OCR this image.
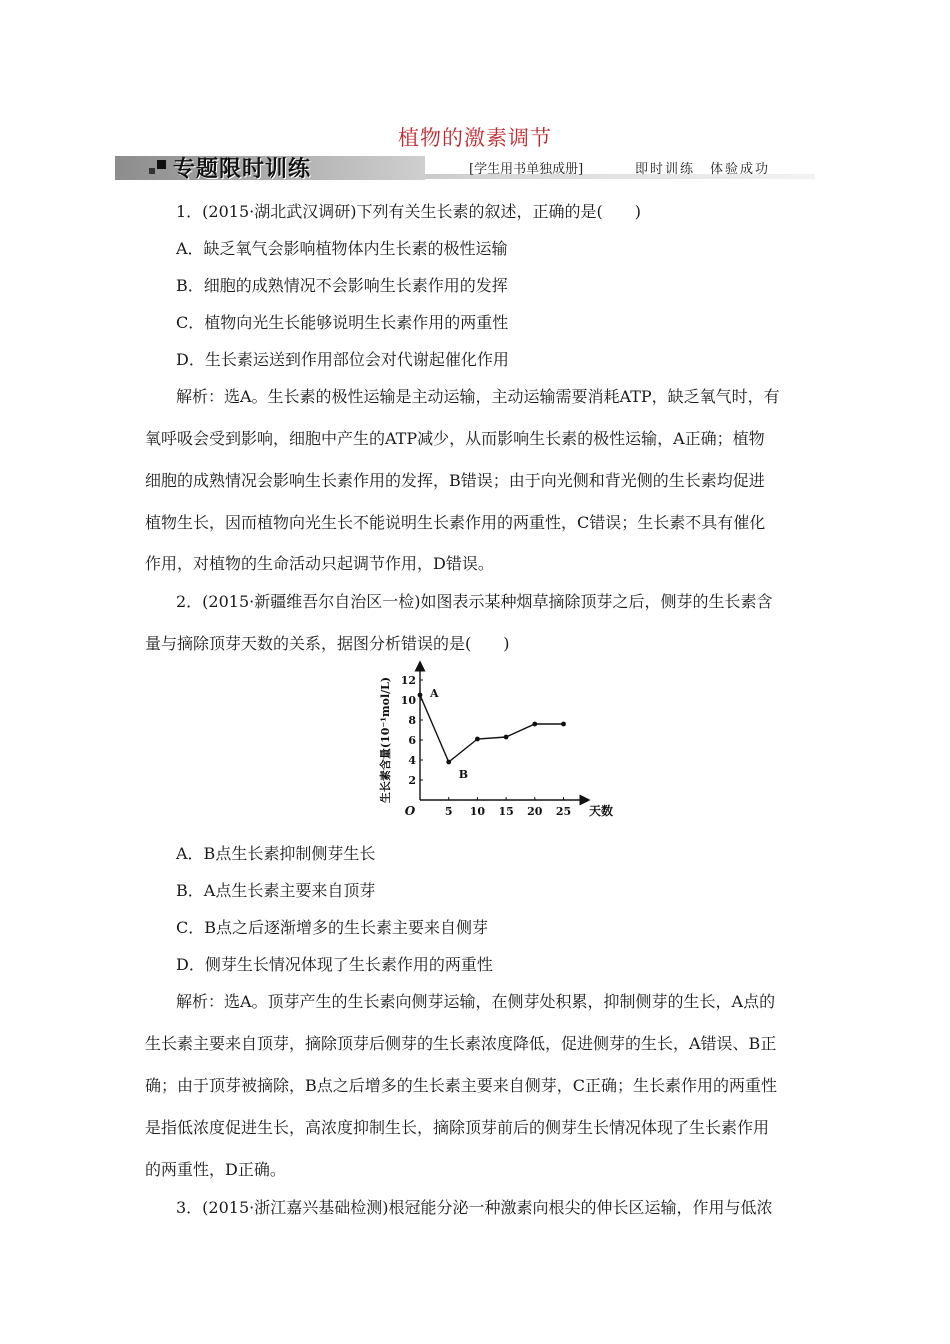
植物的激素调节
专题限时训练	[学生用书单独成册]	即时训练　体验成功
1．(2015·湖北武汉调研)下列有关生长素的叙述，正确的是(　　)
A．缺乏氧气会影响植物体内生长素的极性运输
B．细胞的成熟情况不会影响生长素作用的发挥
C．植物向光生长能够说明生长素作用的两重性
D．生长素运送到作用部位会对代谢起催化作用
解析：选A。生长素的极性运输是主动运输，主动运输需要消耗ATP，缺乏氧气时，有
氧呼吸会受到影响，细胞中产生的ATP减少，从而影响生长素的极性运输，A正确；植物
细胞的成熟情况会影响生长素作用的发挥，B错误；由于向光侧和背光侧的生长素均促进
植物生长，因而植物向光生长不能说明生长素作用的两重性，C错误；生长素不具有催化
作用，对植物的生命活动只起调节作用，D错误。
2．(2015·新疆维吾尔自治区一检)如图表示某种烟草摘除顶芽之后，侧芽的生长素含
量与摘除顶芽天数的关系，据图分析错误的是(　　)
2
4
6
8
10
12
5 10 15 20 25
O	天数
生长素含量(10⁻¹mol/L)	A
B
A．B点生长素抑制侧芽生长
B．A点生长素主要来自顶芽
C．B点之后逐渐增多的生长素主要来自侧芽
D．侧芽生长情况体现了生长素作用的两重性
解析：选A。顶芽产生的生长素向侧芽运输，在侧芽处积累，抑制侧芽的生长，A点的
生长素主要来自顶芽，摘除顶芽后侧芽的生长素浓度降低，促进侧芽的生长，A错误、B正
确；由于顶芽被摘除，B点之后增多的生长素主要来自侧芽，C正确；生长素作用的两重性
是指低浓度促进生长，高浓度抑制生长，摘除顶芽前后的侧芽生长情况体现了生长素作用
的两重性，D正确。
3．(2015·浙江嘉兴基础检测)根冠能分泌一种激素向根尖的伸长区运输，作用与低浓
